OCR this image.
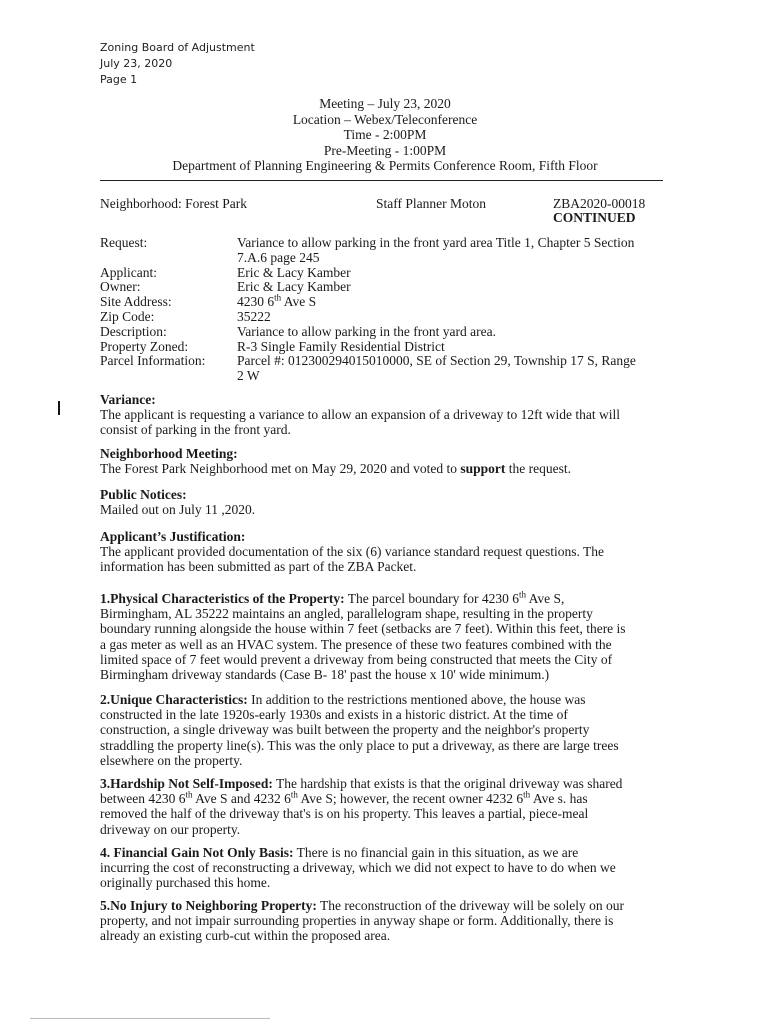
Zoning Board of Adjustment
July 23, 2020
Page 1
Meeting – July 23, 2020
Location – Webex/Teleconference
Time - 2:00PM
Pre-Meeting - 1:00PM
Department of Planning Engineering & Permits Conference Room, Fifth Floor
Neighborhood: Forest Park	Staff Planner Moton	ZBA2020-00018
CONTINUED
Request:	Variance to allow parking in the front yard area Title 1, Chapter 5 Section
7.A.6 page 245
Applicant:	Eric & Lacy Kamber
Owner:	Eric & Lacy Kamber
Site Address:	4230 6th Ave S
Zip Code:	35222
Description:	Variance to allow parking in the front yard area.
Property Zoned:	R-3 Single Family Residential District
Parcel Information: Parcel #: 012300294015010000, SE of Section 29, Township 17 S, Range
2 W
Variance:
The applicant is requesting a variance to allow an expansion of a driveway to 12ft wide that will
consist of parking in the front yard.
Neighborhood Meeting:
The Forest Park Neighborhood met on May 29, 2020 and voted to support the request.
Public Notices:
Mailed out on July 11 ,2020.
Applicant’s Justification:
The applicant provided documentation of the six (6) variance standard request questions. The
information has been submitted as part of the ZBA Packet.
1.Physical Characteristics of the Property: The parcel boundary for 4230 6th Ave S,
Birmingham, AL 35222 maintains an angled, parallelogram shape, resulting in the property
boundary running alongside the house within 7 feet (setbacks are 7 feet). Within this feet, there is
a gas meter as well as an HVAC system. The presence of these two features combined with the
limited space of 7 feet would prevent a driveway from being constructed that meets the City of
Birmingham driveway standards (Case B- 18' past the house x 10' wide minimum.)
2.Unique Characteristics: In addition to the restrictions mentioned above, the house was
constructed in the late 1920s-early 1930s and exists in a historic district. At the time of
construction, a single driveway was built between the property and the neighbor's property
straddling the property line(s). This was the only place to put a driveway, as there are large trees
elsewhere on the property.
3.Hardship Not Self-Imposed: The hardship that exists is that the original driveway was shared
between 4230 6th Ave S and 4232 6th Ave S; however, the recent owner 4232 6th Ave s. has
removed the half of the driveway that's is on his property. This leaves a partial, piece-meal
driveway on our property.
4. Financial Gain Not Only Basis: There is no financial gain in this situation, as we are
incurring the cost of reconstructing a driveway, which we did not expect to have to do when we
originally purchased this home.
5.No Injury to Neighboring Property: The reconstruction of the driveway will be solely on our
property, and not impair surrounding properties in anyway shape or form. Additionally, there is
already an existing curb-cut within the proposed area.
